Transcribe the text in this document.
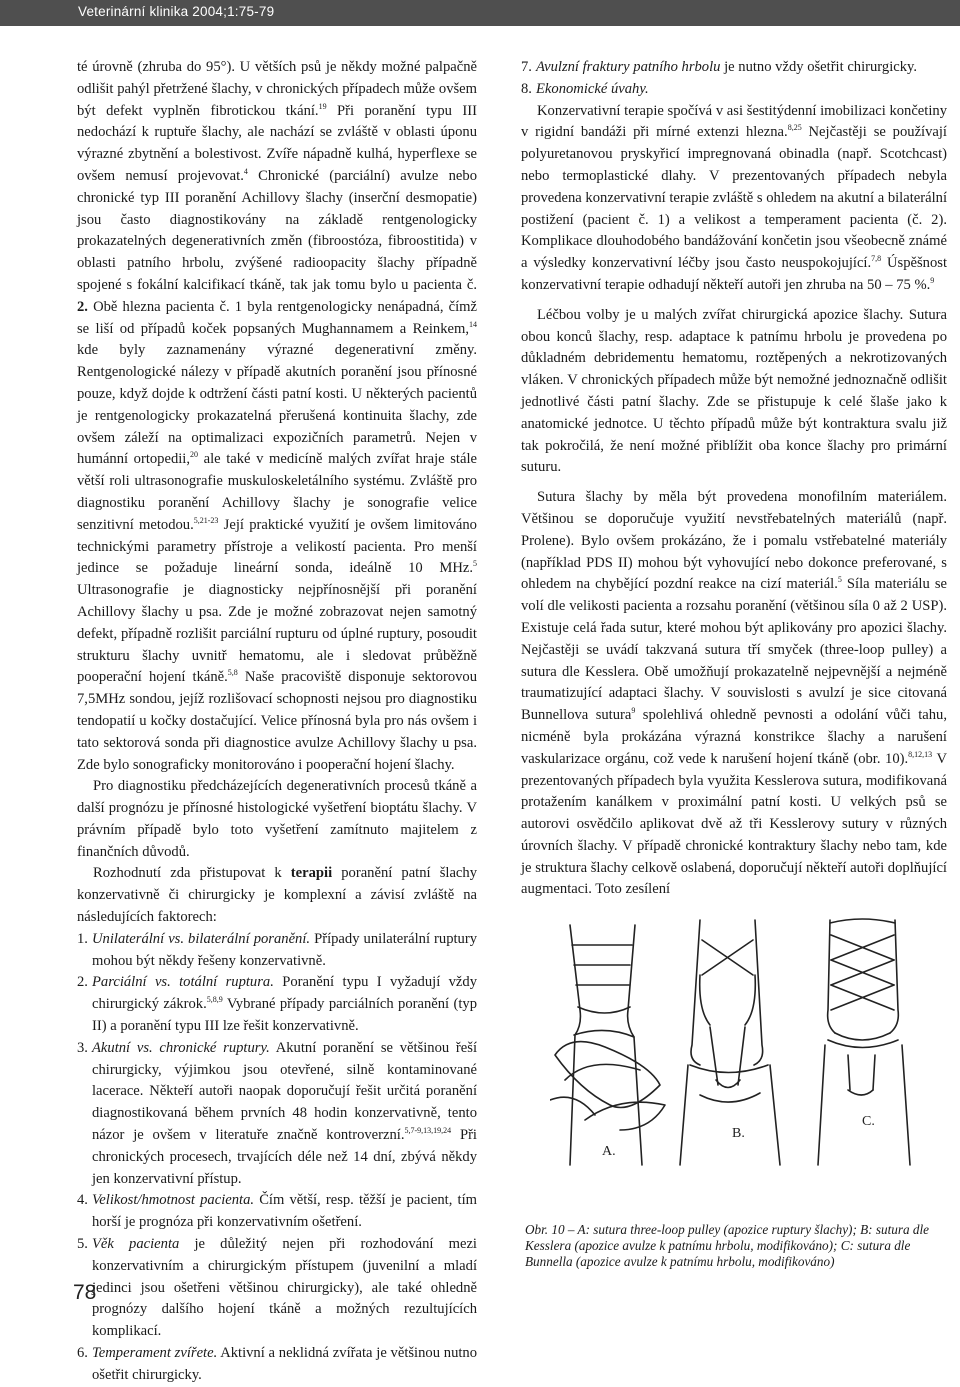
Veterinární klinika 2004;1:75-79

té úrovně (zhruba do 95°). U větších psů je někdy možné palpačně odlišit pahýl přetržené šlachy, v chronických případech může ovšem být defekt vyplněn fibrotickou tkání.$^{19}$ Při poranění typu III nedochází k ruptuře šlachy, ale nachází se zvláště v oblasti úponu výrazné zbytnění a bolestivost. Zvíře nápadně kulhá, hyperflexe se ovšem nemusí projevovat.$^4$ Chronické (parciální) avulze nebo chronické typ III poranění Achillovy šlachy (inserční desmopatie) jsou často diagnostikovány na základě rentgenologicky prokazatelných degenerativních změn (fibroostóza, fibroostitida) v oblasti patního hrbolu, zvýšené radioopacity šlachy případně spojené s fokální kalcifikací tkáně, tak jak tomu bylo u pacienta č. 2. Obě hlezna pacienta č. 1 byla rentgenologicky nenápadná, čímž se liší od případů koček popsaných Mughannamem a Reinkem,$^{14}$ kde byly zaznamenány výrazné degenerativní změny. Rentgenologické nálezy v případě akutních poranění jsou přínosné pouze, když dojde k odtržení části patní kosti. U některých pacientů je rentgenologicky prokazatelná přerušená kontinuita šlachy, zde ovšem záleží na optimalizaci expozičních parametrů. Nejen v humánní ortopedii,$^{20}$ ale také v medicíně malých zvířat hraje stále větší roli ultrasonografie muskuloskeletálního systému. Zvláště pro diagnostiku poranění Achillovy šlachy je sonografie velice senzitivní metodou.$^{5,21-23}$ Její praktické využití je ovšem limitováno technickými parametry přístroje a velikostí pacienta. Pro menší jedince se požaduje lineární sonda, ideálně 10 MHz.$^5$ Ultrasonografie je diagnosticky nejpřínosnější při poranění Achillovy šlachy u psa. Zde je možné zobrazovat nejen samotný defekt, případně rozlišit parciální rupturu od úplné ruptury, posoudit strukturu šlachy uvnitř hematomu, ale i sledovat průběžně pooperační hojení tkáně.$^{5,8}$ Naše pracoviště disponuje sektorovou 7,5MHz sondou, jejíž rozlišovací schopnosti nejsou pro diagnostiku tendopatií u kočky dostačující. Velice přínosná byla pro nás ovšem i tato sektorová sonda při diagnostice avulze Achillovy šlachy u psa. Zde bylo sonograficky monitorováno i pooperační hojení šlachy.

Pro diagnostiku předcházejících degenerativních procesů tkáně a další prognózu je přínosné histologické vyšetření bioptátu šlachy. V právním případě bylo toto vyšetření zamítnuto majitelem z finančních důvodů.

Rozhodnutí zda přistupovat k terapii poranění patní šlachy konzervativně či chirurgicky je komplexní a závisí zvláště na následujících faktorech:

1. Unilaterální vs. bilaterální poranění. Případy unilaterální ruptury mohou být někdy řešeny konzervativně.

2. Parciální vs. totální ruptura. Poranění typu I vyžadují vždy chirurgický zákrok.$^{5,8,9}$ Vybrané případy parciálních poranění (typ II) a poranění typu III lze řešit konzervativně.

3. Akutní vs. chronické ruptury. Akutní poranění se většinou řeší chirurgicky, výjimkou jsou otevřené, silně kontaminované lacerace. Někteří autoři naopak doporučují řešit určitá poranění diagnostikovaná během prvních 48 hodin konzervativně, tento názor je ovšem v literatuře značně kontroverzní.$^{5,7-9,13,19,24}$ Při chronických procesech, trvajících déle než 14 dní, zbývá někdy jen konzervativní přístup.

4. Velikost/hmotnost pacienta. Čím větší, resp. těžší je pacient, tím horší je prognóza při konzervativním ošetření.

5. Věk pacienta je důležitý nejen při rozhodování mezi konzervativním a chirurgickým přístupem (juvenilní a mladí jedinci jsou ošetřeni většinou chirurgicky), ale také ohledně prognózy dalšího hojení tkáně a možných rezultujících komplikací.

6. Temperament zvířete. Aktivní a neklidná zvířata je většinou nutno ošetřit chirurgicky.

7. Avulzní fraktury patního hrbolu je nutno vždy ošetřit chirurgicky.

8. Ekonomické úvahy.

Konzervativní terapie spočívá v asi šestitýdenní imobilizaci končetiny v rigidní bandáži při mírné extenzi hlezna.$^{8,25}$ Nejčastěji se používají polyuretanovou pryskyřicí impregnovaná obinadla (např. Scotchcast) nebo termoplastické dlahy. V prezentovaných případech nebyla provedena konzervativní terapie zvláště s ohledem na akutní a bilaterální postižení (pacient č. 1) a velikost a temperament pacienta (č. 2). Komplikace dlouhodobého bandážování končetin jsou všeobecně známé a výsledky konzervativní léčby jsou často neuspokojující.$^{7,8}$ Úspěšnost konzervativní terapie odhadují někteří autoři jen zhruba na 50 – 75 %.$^9$

Léčbou volby je u malých zvířat chirurgická apozice šlachy. Sutura obou konců šlachy, resp. adaptace k patnímu hrbolu je provedena po důkladném debridementu hematomu, roztěpených a nekrotizovaných vláken. V chronických případech může být nemožné jednoznačně odlišit jednotlivé části patní šlachy. Zde se přistupuje k celé šlaše jako k anatomické jednotce. U těchto případů může být kontraktura svalu již tak pokročilá, že není možné přiblížit oba konce šlachy pro primární suturu.

Sutura šlachy by měla být provedena monofilním materiálem. Většinou se doporučuje využití nevstřebatelných materiálů (např. Prolene). Bylo ovšem prokázáno, že i pomalu vstřebatelné materiály (například PDS II) mohou být vyhovující nebo dokonce preferované, s ohledem na chybějící pozdní reakce na cizí materiál.$^5$ Síla materiálu se volí dle velikosti pacienta a rozsahu poranění (většinou síla 0 až 2 USP). Existuje celá řada sutur, které mohou být aplikovány pro apozici šlachy. Nejčastěji se uvádí takzvaná sutura tří smyček (three-loop pulley) a sutura dle Kesslera. Obě umožňují prokazatelně nejpevnější a nejméně traumatizující adaptaci šlachy. V souvislosti s avulzí je sice citovaná Bunnellova sutura$^9$ spolehlivá ohledně pevnosti a odolání vůči tahu, nicméně byla prokázána výrazná konstrikce šlachy a narušení vaskularizace orgánu, což vede k narušení hojení tkáně (obr. 10).$^{8,12,13}$ V prezentovaných případech byla využita Kesslerova sutura, modifikovaná protažením kanálkem v proximální patní kosti. U velkých psů se autorovi osvědčilo aplikovat dvě až tři Kesslerovy sutury v různých úrovních šlachy. V případě chronické kontraktury šlachy nebo tam, kde je struktura šlachy celkově oslabená, doporučují někteří autoři doplňující augmentaci. Toto zesílení

A.
B.
C.
Obr. 10 – A: sutura three-loop pulley (apozice ruptury šlachy); B: sutura dle Kesslera (apozice avulze k patnímu hrbolu, modifikováno); C: sutura dle Bunnella (apozice avulze k patnímu hrbolu, modifikováno)
78
